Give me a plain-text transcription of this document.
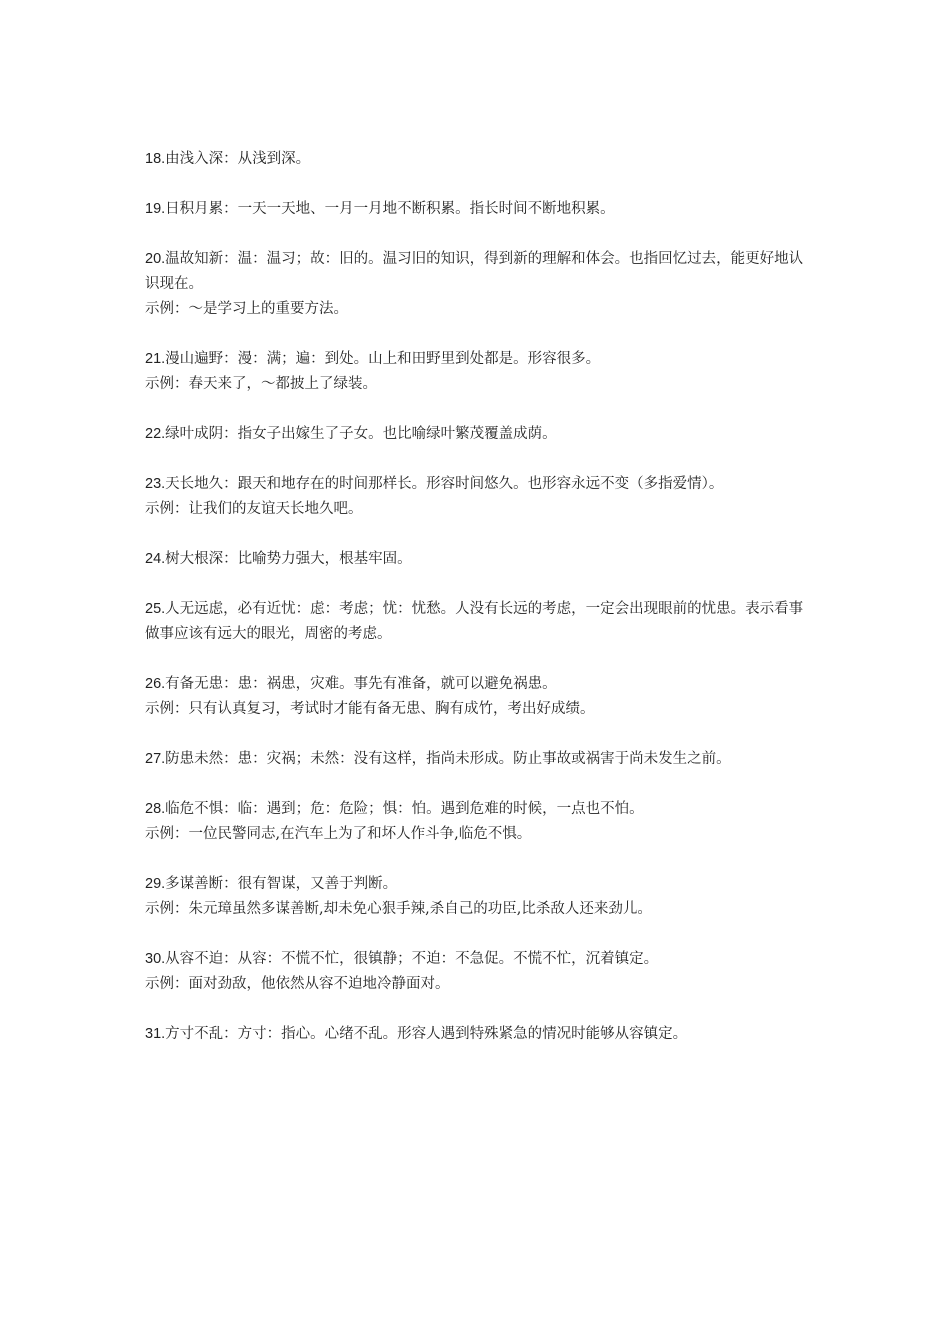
18.由浅入深：从浅到深。

19.日积月累：一天一天地、一月一月地不断积累。指长时间不断地积累。

20.温故知新：温：温习；故：旧的。温习旧的知识，得到新的理解和体会。也指回忆过去，能更好地认识现在。

示例：～是学习上的重要方法。

21.漫山遍野：漫：满；遍：到处。山上和田野里到处都是。形容很多。

示例：春天来了，～都披上了绿装。

22.绿叶成阴：指女子出嫁生了子女。也比喻绿叶繁茂覆盖成荫。

23.天长地久：跟天和地存在的时间那样长。形容时间悠久。也形容永远不变（多指爱情）。

示例：让我们的友谊天长地久吧。

24.树大根深：比喻势力强大，根基牢固。

25.人无远虑，必有近忧：虑：考虑；忧：忧愁。人没有长远的考虑，一定会出现眼前的忧患。表示看事做事应该有远大的眼光，周密的考虑。

26.有备无患：患：祸患，灾难。事先有准备，就可以避免祸患。

示例：只有认真复习，考试时才能有备无患、胸有成竹，考出好成绩。

27.防患未然：患：灾祸；未然：没有这样，指尚未形成。防止事故或祸害于尚未发生之前。

28.临危不惧：临：遇到；危：危险；惧：怕。遇到危难的时候，一点也不怕。

示例：一位民警同志,在汽车上为了和坏人作斗争,临危不惧。

29.多谋善断：很有智谋，又善于判断。

示例：朱元璋虽然多谋善断,却未免心狠手辣,杀自己的功臣,比杀敌人还来劲儿。

30.从容不迫：从容：不慌不忙，很镇静；不迫：不急促。不慌不忙，沉着镇定。

示例：面对劲敌，他依然从容不迫地冷静面对。

31.方寸不乱：方寸：指心。心绪不乱。形容人遇到特殊紧急的情况时能够从容镇定。
